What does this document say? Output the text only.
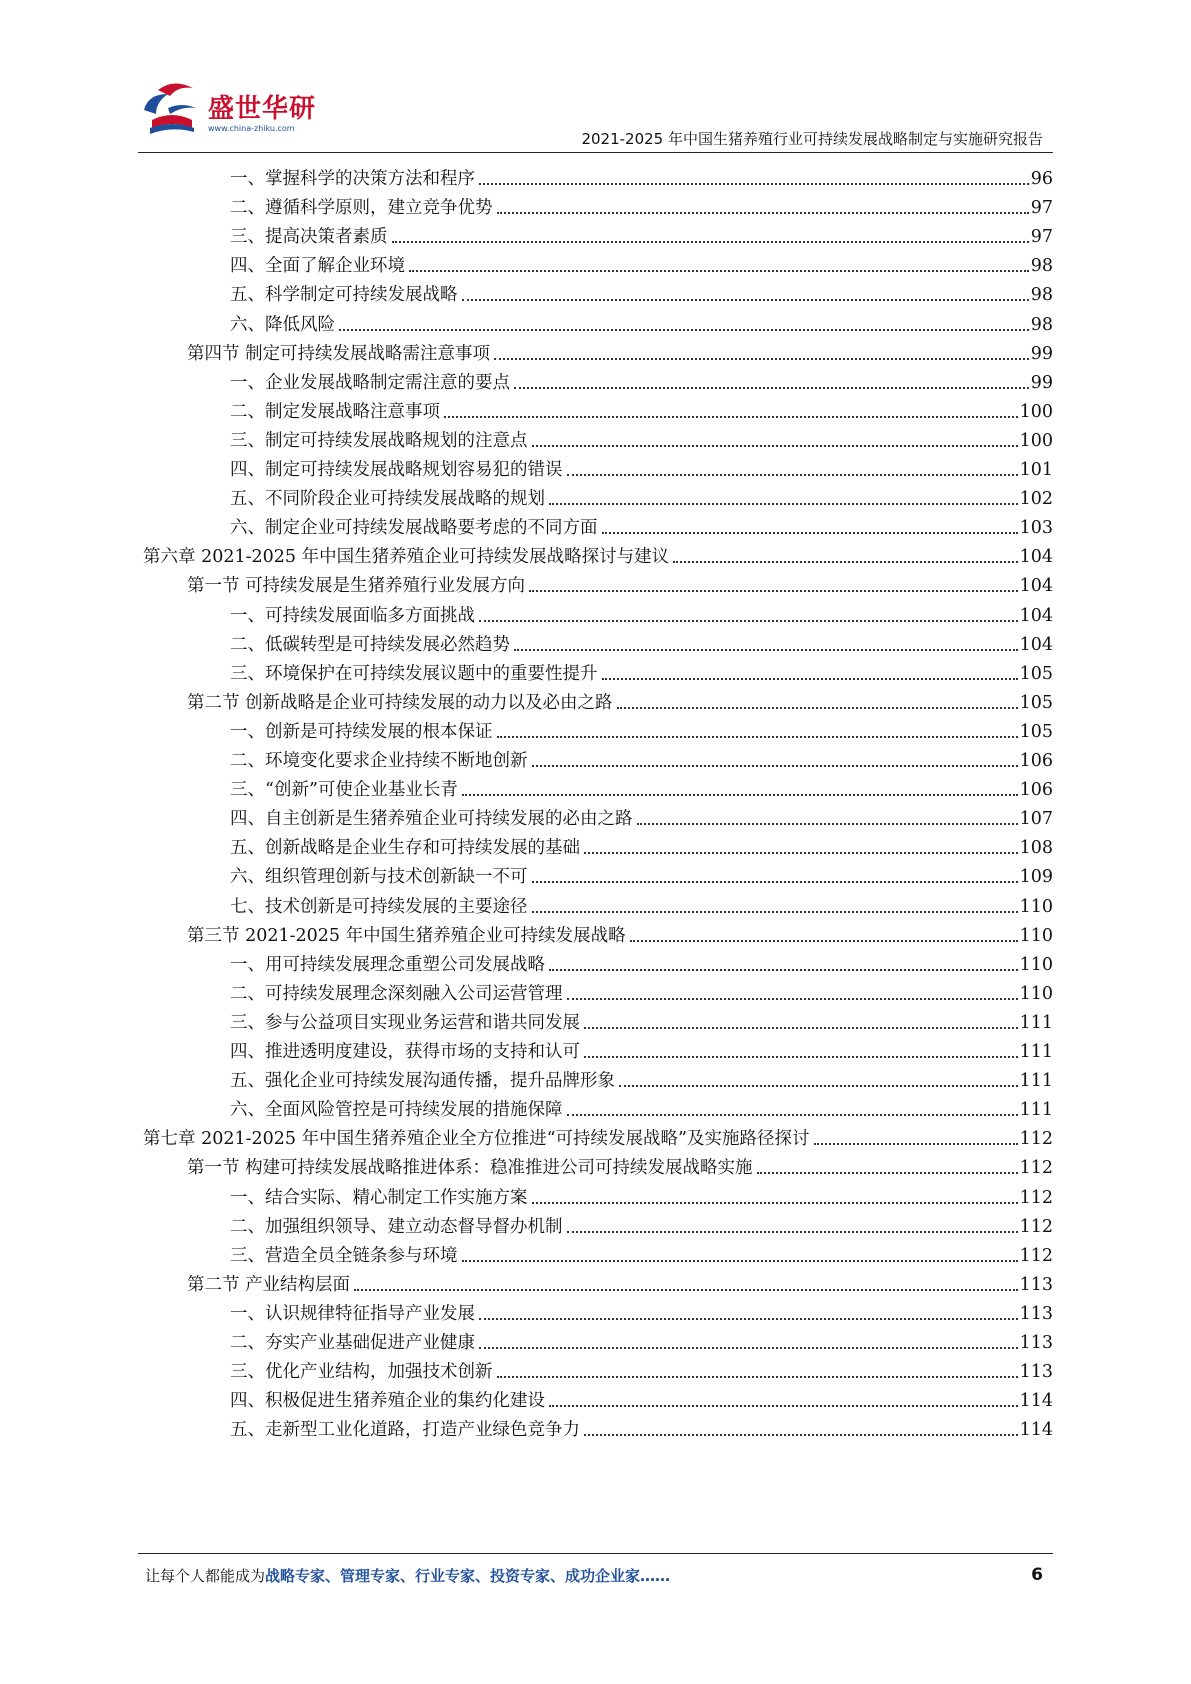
盛世华研
www.china-zhiku.com
2021-2025 年中国生猪养殖行业可持续发展战略制定与实施研究报告
一、掌握科学的决策方法和程序	96
二、遵循科学原则，建立竞争优势	97
三、提高决策者素质	97
四、全面了解企业环境	98
五、科学制定可持续发展战略	98
六、降低风险	98
第四节 制定可持续发展战略需注意事项	99
一、企业发展战略制定需注意的要点	99
二、制定发展战略注意事项	100
三、制定可持续发展战略规划的注意点	100
四、制定可持续发展战略规划容易犯的错误	101
五、不同阶段企业可持续发展战略的规划	102
六、制定企业可持续发展战略要考虑的不同方面	103
第六章 2021-2025 年中国生猪养殖企业可持续发展战略探讨与建议	104
第一节 可持续发展是生猪养殖行业发展方向	104
一、可持续发展面临多方面挑战	104
二、低碳转型是可持续发展必然趋势	104
三、环境保护在可持续发展议题中的重要性提升	105
第二节 创新战略是企业可持续发展的动力以及必由之路	105
一、创新是可持续发展的根本保证	105
二、环境变化要求企业持续不断地创新	106
三、“创新”可使企业基业长青	106
四、自主创新是生猪养殖企业可持续发展的必由之路	107
五、创新战略是企业生存和可持续发展的基础	108
六、组织管理创新与技术创新缺一不可	109
七、技术创新是可持续发展的主要途径	110
第三节 2021-2025 年中国生猪养殖企业可持续发展战略	110
一、用可持续发展理念重塑公司发展战略	110
二、可持续发展理念深刻融入公司运营管理	110
三、参与公益项目实现业务运营和谐共同发展	111
四、推进透明度建设，获得市场的支持和认可	111
五、强化企业可持续发展沟通传播，提升品牌形象	111
六、全面风险管控是可持续发展的措施保障	111
第七章 2021-2025 年中国生猪养殖企业全方位推进“可持续发展战略”及实施路径探讨	112
第一节 构建可持续发展战略推进体系：稳准推进公司可持续发展战略实施	112
一、结合实际、精心制定工作实施方案	112
二、加强组织领导、建立动态督导督办机制	112
三、营造全员全链条参与环境	112
第二节 产业结构层面	113
一、认识规律特征指导产业发展	113
二、夯实产业基础促进产业健康	113
三、优化产业结构，加强技术创新	113
四、积极促进生猪养殖企业的集约化建设	114
五、走新型工业化道路，打造产业绿色竞争力	114
让每个人都能成为战略专家、管理专家、行业专家、投资专家、成功企业家……	6
